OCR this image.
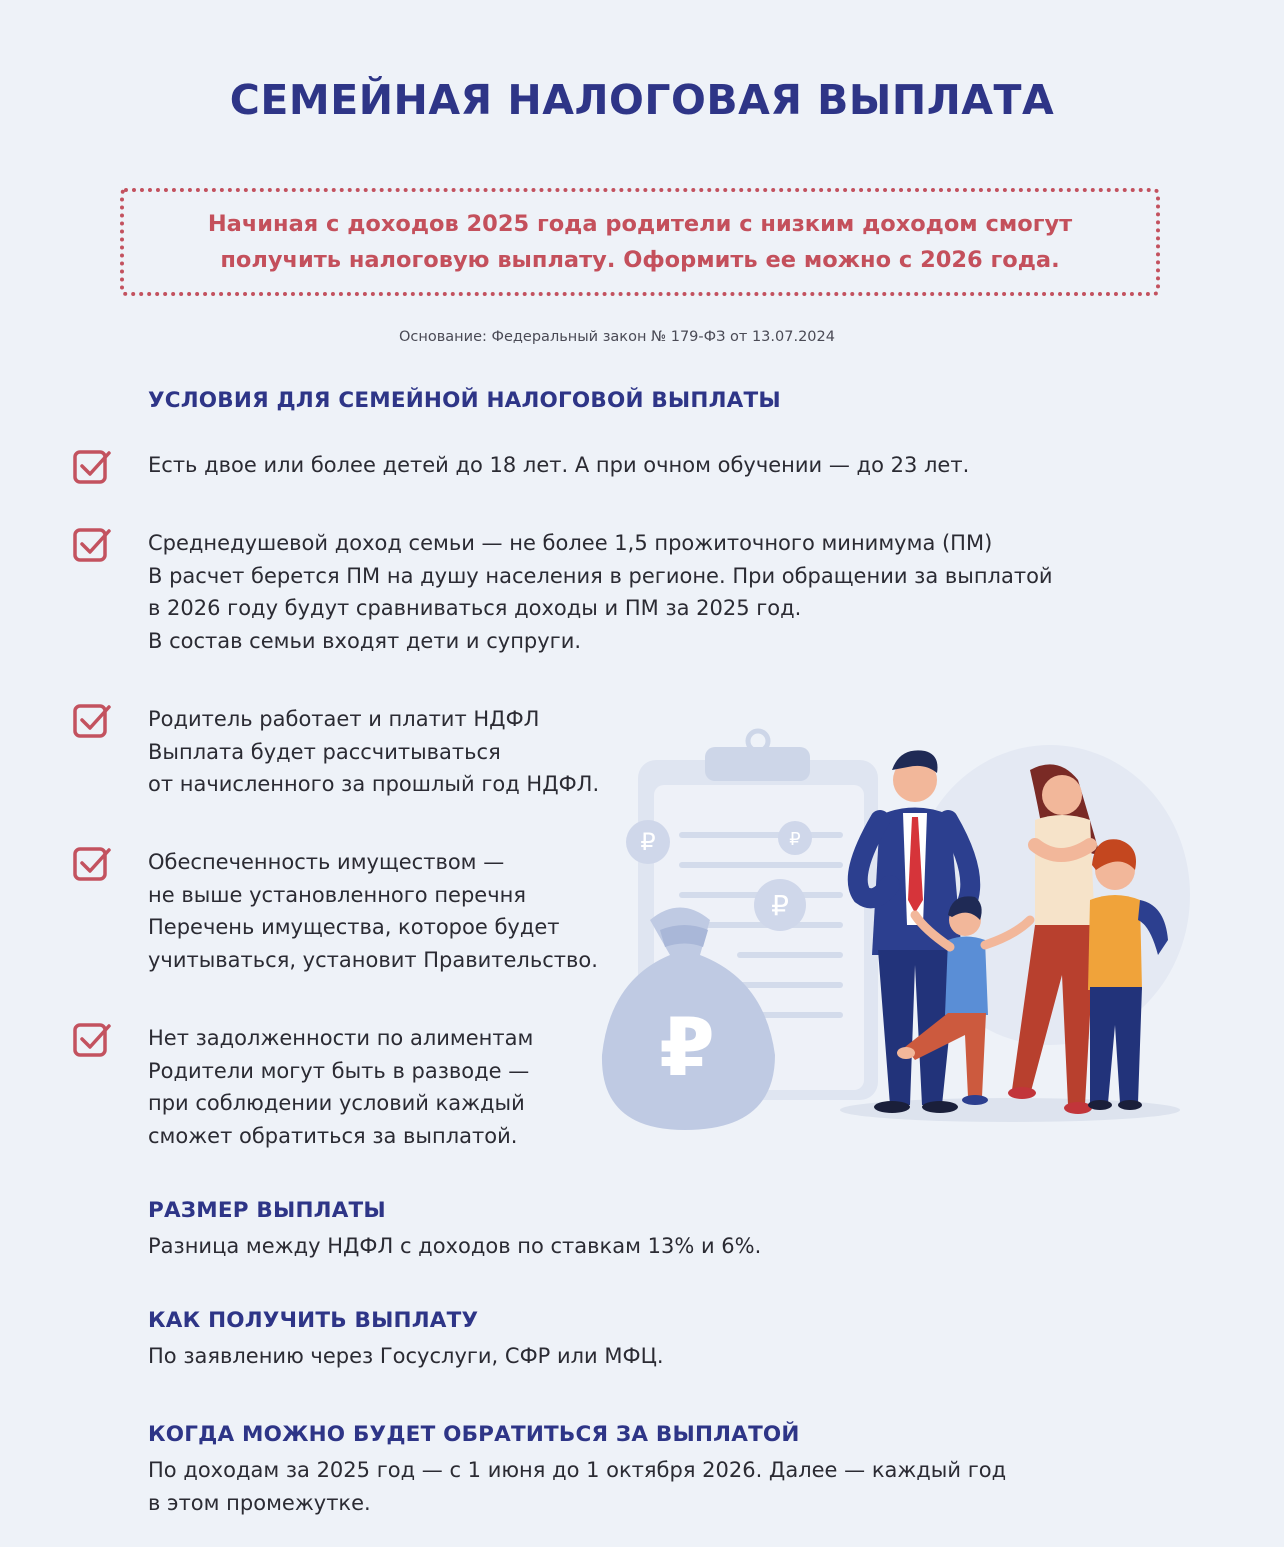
СЕМЕЙНАЯ НАЛОГОВАЯ ВЫПЛАТА
Начиная с доходов 2025 года родители с низким доходом смогут
получить налоговую выплату. Оформить ее можно с 2026 года.
Основание: Федеральный закон № 179-ФЗ от 13.07.2024
УСЛОВИЯ ДЛЯ СЕМЕЙНОЙ НАЛОГОВОЙ ВЫПЛАТЫ
₽	₽
₽
₽
Есть двое или более детей до 18 лет. А при очном обучении — до 23 лет.
Среднедушевой доход семьи — не более 1,5 прожиточного минимума (ПМ)
В расчет берется ПМ на душу населения в регионе. При обращении за выплатой
в 2026 году будут сравниваться доходы и ПМ за 2025 год.
В состав семьи входят дети и супруги.
Родитель работает и платит НДФЛ
Выплата будет рассчитываться
от начисленного за прошлый год НДФЛ.
Обеспеченность имуществом —
не выше установленного перечня
Перечень имущества, которое будет
учитываться, установит Правительство.
Нет задолженности по алиментам
Родители могут быть в разводе —
при соблюдении условий каждый
сможет обратиться за выплатой.
РАЗМЕР ВЫПЛАТЫ
Разница между НДФЛ с доходов по ставкам 13% и 6%.
КАК ПОЛУЧИТЬ ВЫПЛАТУ
По заявлению через Госуслуги, СФР или МФЦ.
КОГДА МОЖНО БУДЕТ ОБРАТИТЬСЯ ЗА ВЫПЛАТОЙ
По доходам за 2025 год — с 1 июня до 1 октября 2026. Далее — каждый год
в этом промежутке.
